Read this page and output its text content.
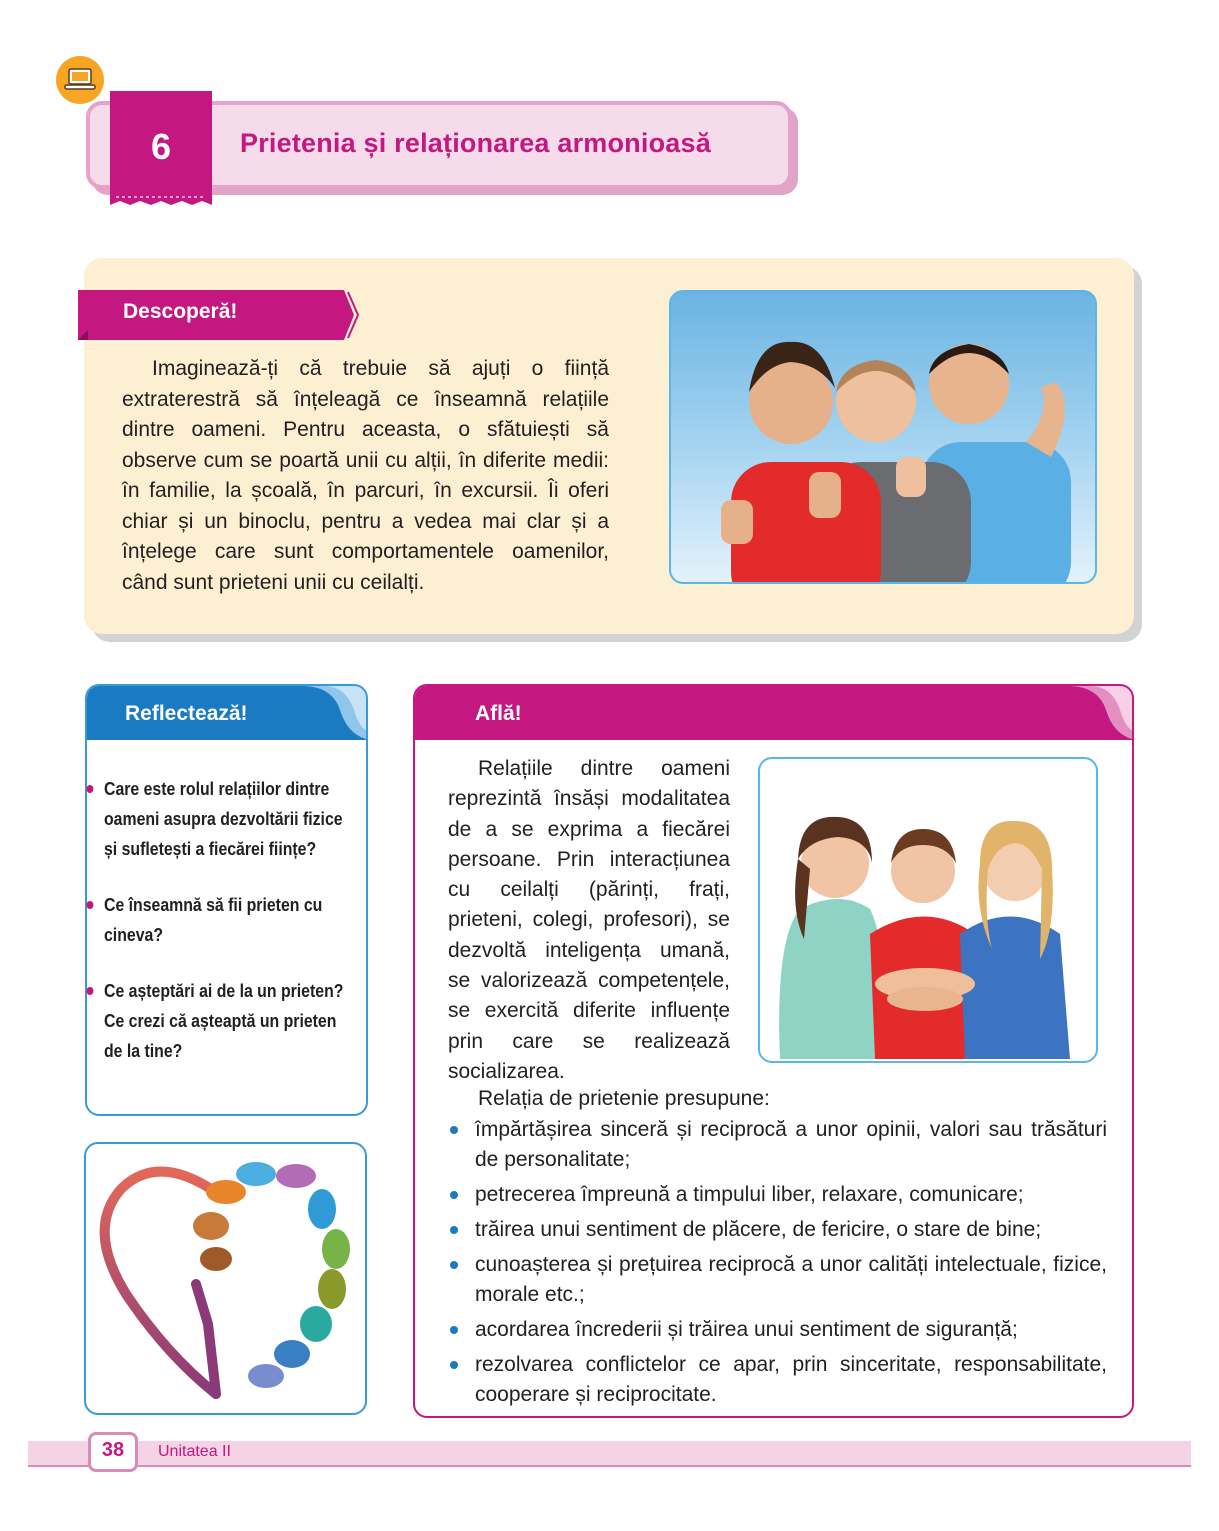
6	Prietenia și relaționarea armonioasă
Descoperă!
Imaginează-ți că trebuie să ajuți o ființă extraterestră să înțeleagă ce înseamnă relațiile dintre oameni. Pentru aceasta, o sfătuiești să observe cum se poartă unii cu alții, în diferite medii: în familie, la școală, în parcuri, în excursii. Îi oferi chiar și un binoclu, pentru a vedea mai clar și a înțelege care sunt comportamentele oamenilor, când sunt prieteni unii cu ceilalți.
Reflectează!
Care este rolul relațiilor dintre oameni asupra dezvoltării fizice și sufletești a fiecărei ființe?
Ce înseamnă să fii prieten cu cineva?
Ce așteptări ai de la un prieten? Ce crezi că așteaptă un prieten de la tine?
Află!
Relațiile dintre oameni reprezintă însăși modalitatea de a se exprima a fiecărei persoane. Prin interacțiunea cu ceilalți (părinți, frați, prieteni, colegi, profesori), se dezvoltă inteligența umană, se valorizează competențele, se exercită diferite influențe prin care se realizează socializarea.
Relația de prietenie presupune:
împărtășirea sinceră și reciprocă a unor opinii, valori sau trăsături de personalitate;
petrecerea împreună a timpului liber, relaxare, comunicare;
trăirea unui sentiment de plăcere, de fericire, o stare de bine;
cunoașterea și prețuirea reciprocă a unor calități intelectuale, fizice, morale etc.;
acordarea încrederii și trăirea unui sentiment de siguranță;
rezolvarea conflictelor ce apar, prin sinceritate, responsabilitate, cooperare și reciprocitate.
38	Unitatea II
